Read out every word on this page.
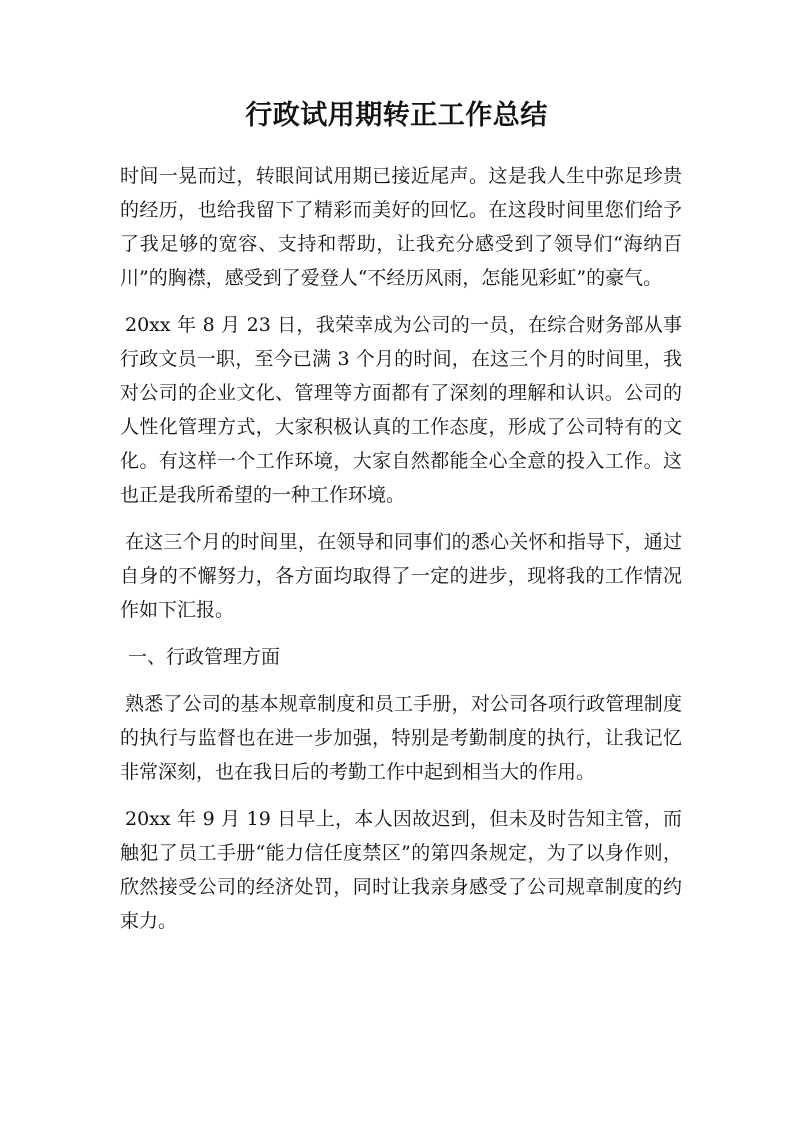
行政试用期转正工作总结

时间一晃而过，转眼间试用期已接近尾声。这是我人生中弥足珍贵的经历，也给我留下了精彩而美好的回忆。在这段时间里您们给予了我足够的宽容、支持和帮助，让我充分感受到了领导们“海纳百川”的胸襟，感受到了爱登人“不经历风雨，怎能见彩虹”的豪气。

20xx 年 8 月 23 日，我荣幸成为公司的一员，在综合财务部从事行政文员一职，至今已满 3 个月的时间，在这三个月的时间里，我对公司的企业文化、管理等方面都有了深刻的理解和认识。公司的人性化管理方式，大家积极认真的工作态度，形成了公司特有的文化。有这样一个工作环境，大家自然都能全心全意的投入工作。这也正是我所希望的一种工作环境。

在这三个月的时间里，在领导和同事们的悉心关怀和指导下，通过自身的不懈努力，各方面均取得了一定的进步，现将我的工作情况作如下汇报。

一、行政管理方面

熟悉了公司的基本规章制度和员工手册，对公司各项行政管理制度的执行与监督也在进一步加强，特别是考勤制度的执行，让我记忆非常深刻，也在我日后的考勤工作中起到相当大的作用。

20xx 年 9 月 19 日早上，本人因故迟到，但未及时告知主管，而触犯了员工手册“能力信任度禁区”的第四条规定，为了以身作则，欣然接受公司的经济处罚，同时让我亲身感受了公司规章制度的约束力。
